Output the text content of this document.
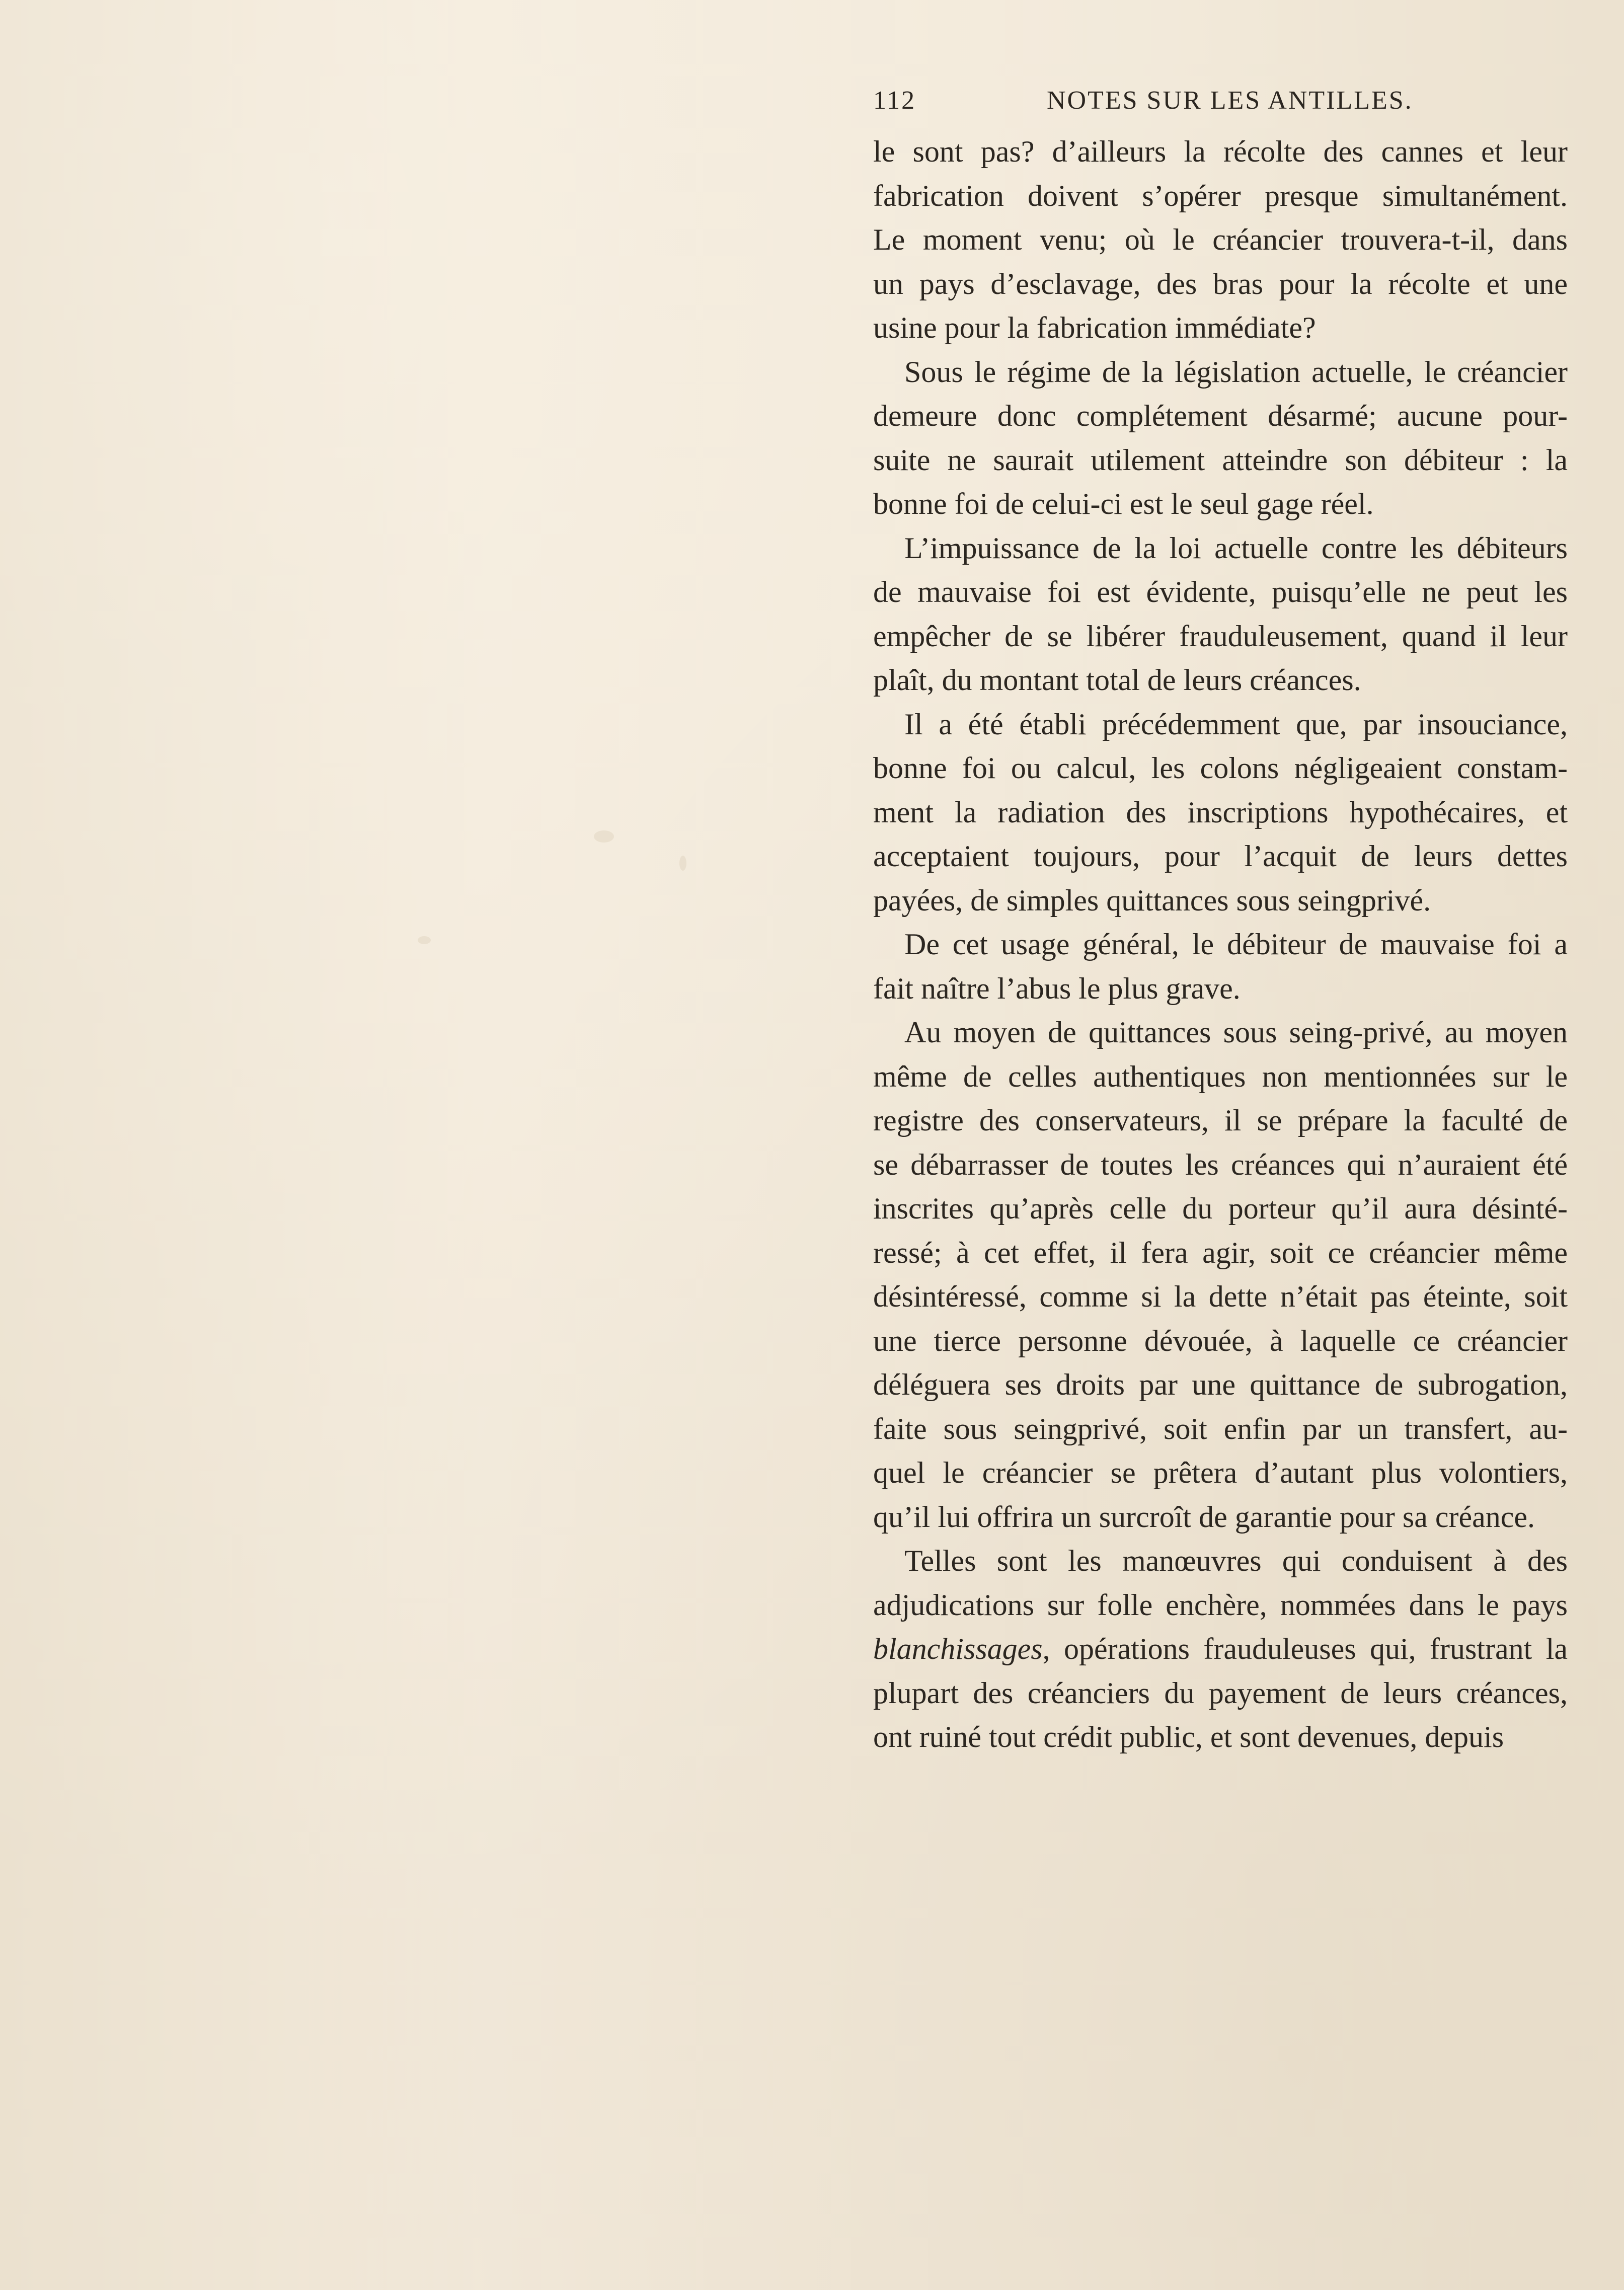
112	NOTES SUR LES ANTILLES.

le sont pas? d’ailleurs la récolte des cannes et leur
fabrication doivent s’opérer presque simultanément.
Le moment venu; où le créancier trouvera-t-il, dans
un pays d’esclavage, des bras pour la récolte et une
usine pour la fabrication immédiate?

Sous le régime de la législation actuelle, le créancier
demeure donc complétement désarmé; aucune pour-
suite ne saurait utilement atteindre son débiteur : la
bonne foi de celui-ci est le seul gage réel.

L’impuissance de la loi actuelle contre les débiteurs
de mauvaise foi est évidente, puisqu’elle ne peut les
empêcher de se libérer frauduleusement, quand il leur
plaît, du montant total de leurs créances.

Il a été établi précédemment que, par insouciance,
bonne foi ou calcul, les colons négligeaient constam-
ment la radiation des inscriptions hypothécaires, et
acceptaient toujours, pour l’acquit de leurs dettes
payées, de simples quittances sous seingprivé.

De cet usage général, le débiteur de mauvaise foi a
fait naître l’abus le plus grave.

Au moyen de quittances sous seing-privé, au moyen
même de celles authentiques non mentionnées sur le
registre des conservateurs, il se prépare la faculté de
se débarrasser de toutes les créances qui n’auraient été
inscrites qu’après celle du porteur qu’il aura désinté-
ressé; à cet effet, il fera agir, soit ce créancier même
désintéressé, comme si la dette n’était pas éteinte, soit
une tierce personne dévouée, à laquelle ce créancier
déléguera ses droits par une quittance de subrogation,
faite sous seingprivé, soit enfin par un transfert, au-
quel le créancier se prêtera d’autant plus volontiers,
qu’il lui offrira un surcroît de garantie pour sa créance.

Telles sont les manœuvres qui conduisent à des
adjudications sur folle enchère, nommées dans le pays
blanchissages, opérations frauduleuses qui, frustrant la
plupart des créanciers du payement de leurs créances,
ont ruiné tout crédit public, et sont devenues, depuis
